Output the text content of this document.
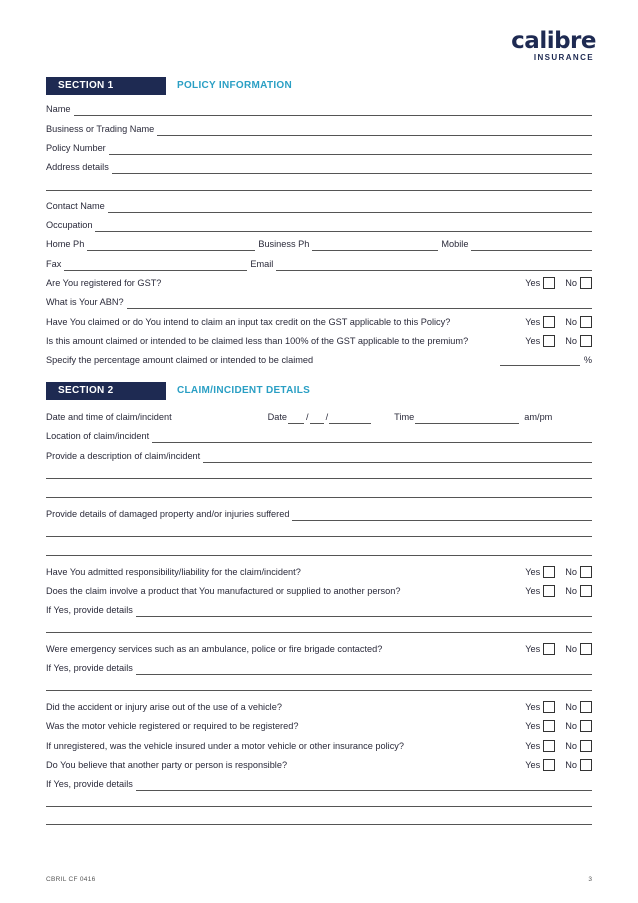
calibre
INSURANCE
SECTION 1	POLICY INFORMATION
Name
Business or Trading Name
Policy Number
Address details
Contact Name
Occupation
Home Ph	Business Ph	Mobile
Fax	Email
Are You registered for GST?	Yes	No
What is Your ABN?
Have You claimed or do You intend to claim an input tax credit on the GST applicable to this Policy?	Yes	No
Is this amount claimed or intended to be claimed less than 100% of the GST applicable to the premium?	Yes	No
Specify the percentage amount claimed or intended to be claimed	%
SECTION 2	CLAIM/INCIDENT DETAILS
Date and time of claim/incident	Date / /	Time	am/pm
Location of claim/incident
Provide a description of claim/incident
Provide details of damaged property and/or injuries suffered
Have You admitted responsibility/liability for the claim/incident?	Yes	No
Does the claim involve a product that You manufactured or supplied to another person?	Yes	No
If Yes, provide details
Were emergency services such as an ambulance, police or fire brigade contacted?	Yes	No
If Yes, provide details
Did the accident or injury arise out of the use of a vehicle?	Yes	No
Was the motor vehicle registered or required to be registered?	Yes	No
If unregistered, was the vehicle insured under a motor vehicle or other insurance policy?	Yes	No
Do You believe that another party or person is responsible?	Yes	No
If Yes, provide details
CBRIL CF 0416	3
